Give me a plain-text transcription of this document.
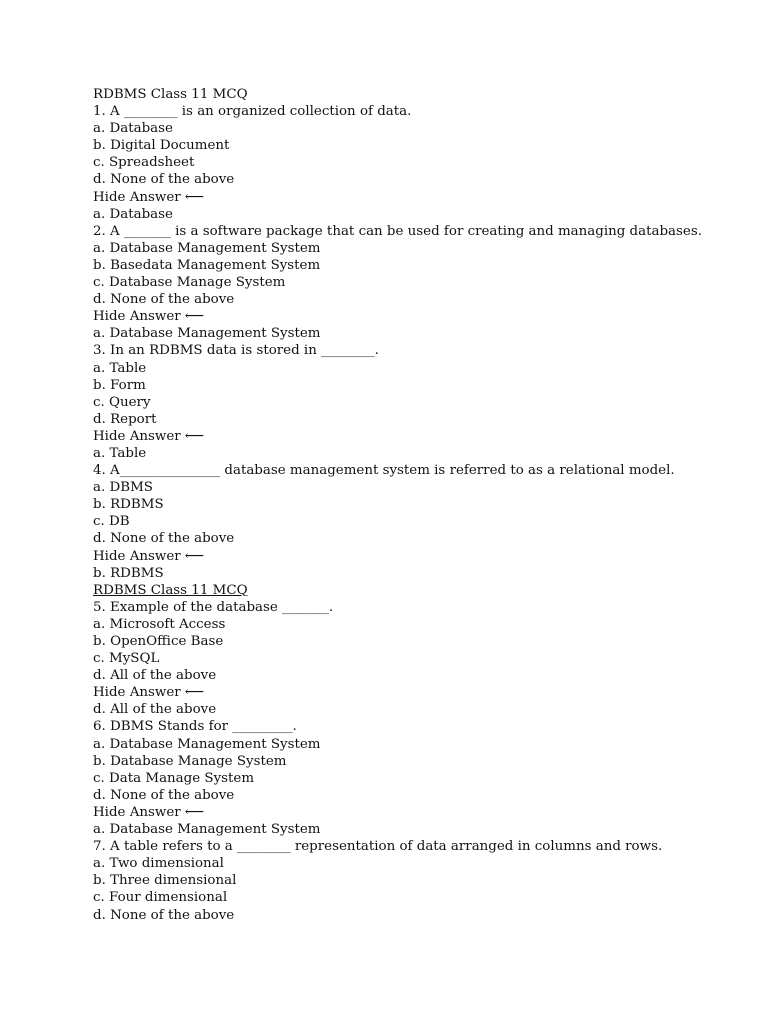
RDBMS Class 11 MCQ
1. A ________ is an organized collection of data.
a. Database
b. Digital Document
c. Spreadsheet
d. None of the above
Hide Answer ⟵
a. Database
2. A _______ is a software package that can be used for creating and managing databases.
a. Database Management System
b. Basedata Management System
c. Database Manage System
d. None of the above
Hide Answer ⟵
a. Database Management System
3. In an RDBMS data is stored in ________.
a. Table
b. Form
c. Query
d. Report
Hide Answer ⟵
a. Table
4. A_______________ database management system is referred to as a relational model.
a. DBMS
b. RDBMS
c. DB
d. None of the above
Hide Answer ⟵
b. RDBMS
RDBMS Class 11 MCQ
5. Example of the database _______.
a. Microsoft Access
b. OpenOffice Base
c. MySQL
d. All of the above
Hide Answer ⟵
d. All of the above
6. DBMS Stands for _________.
a. Database Management System
b. Database Manage System
c. Data Manage System
d. None of the above
Hide Answer ⟵
a. Database Management System
7. A table refers to a ________ representation of data arranged in columns and rows.
a. Two dimensional
b. Three dimensional
c. Four dimensional
d. None of the above
